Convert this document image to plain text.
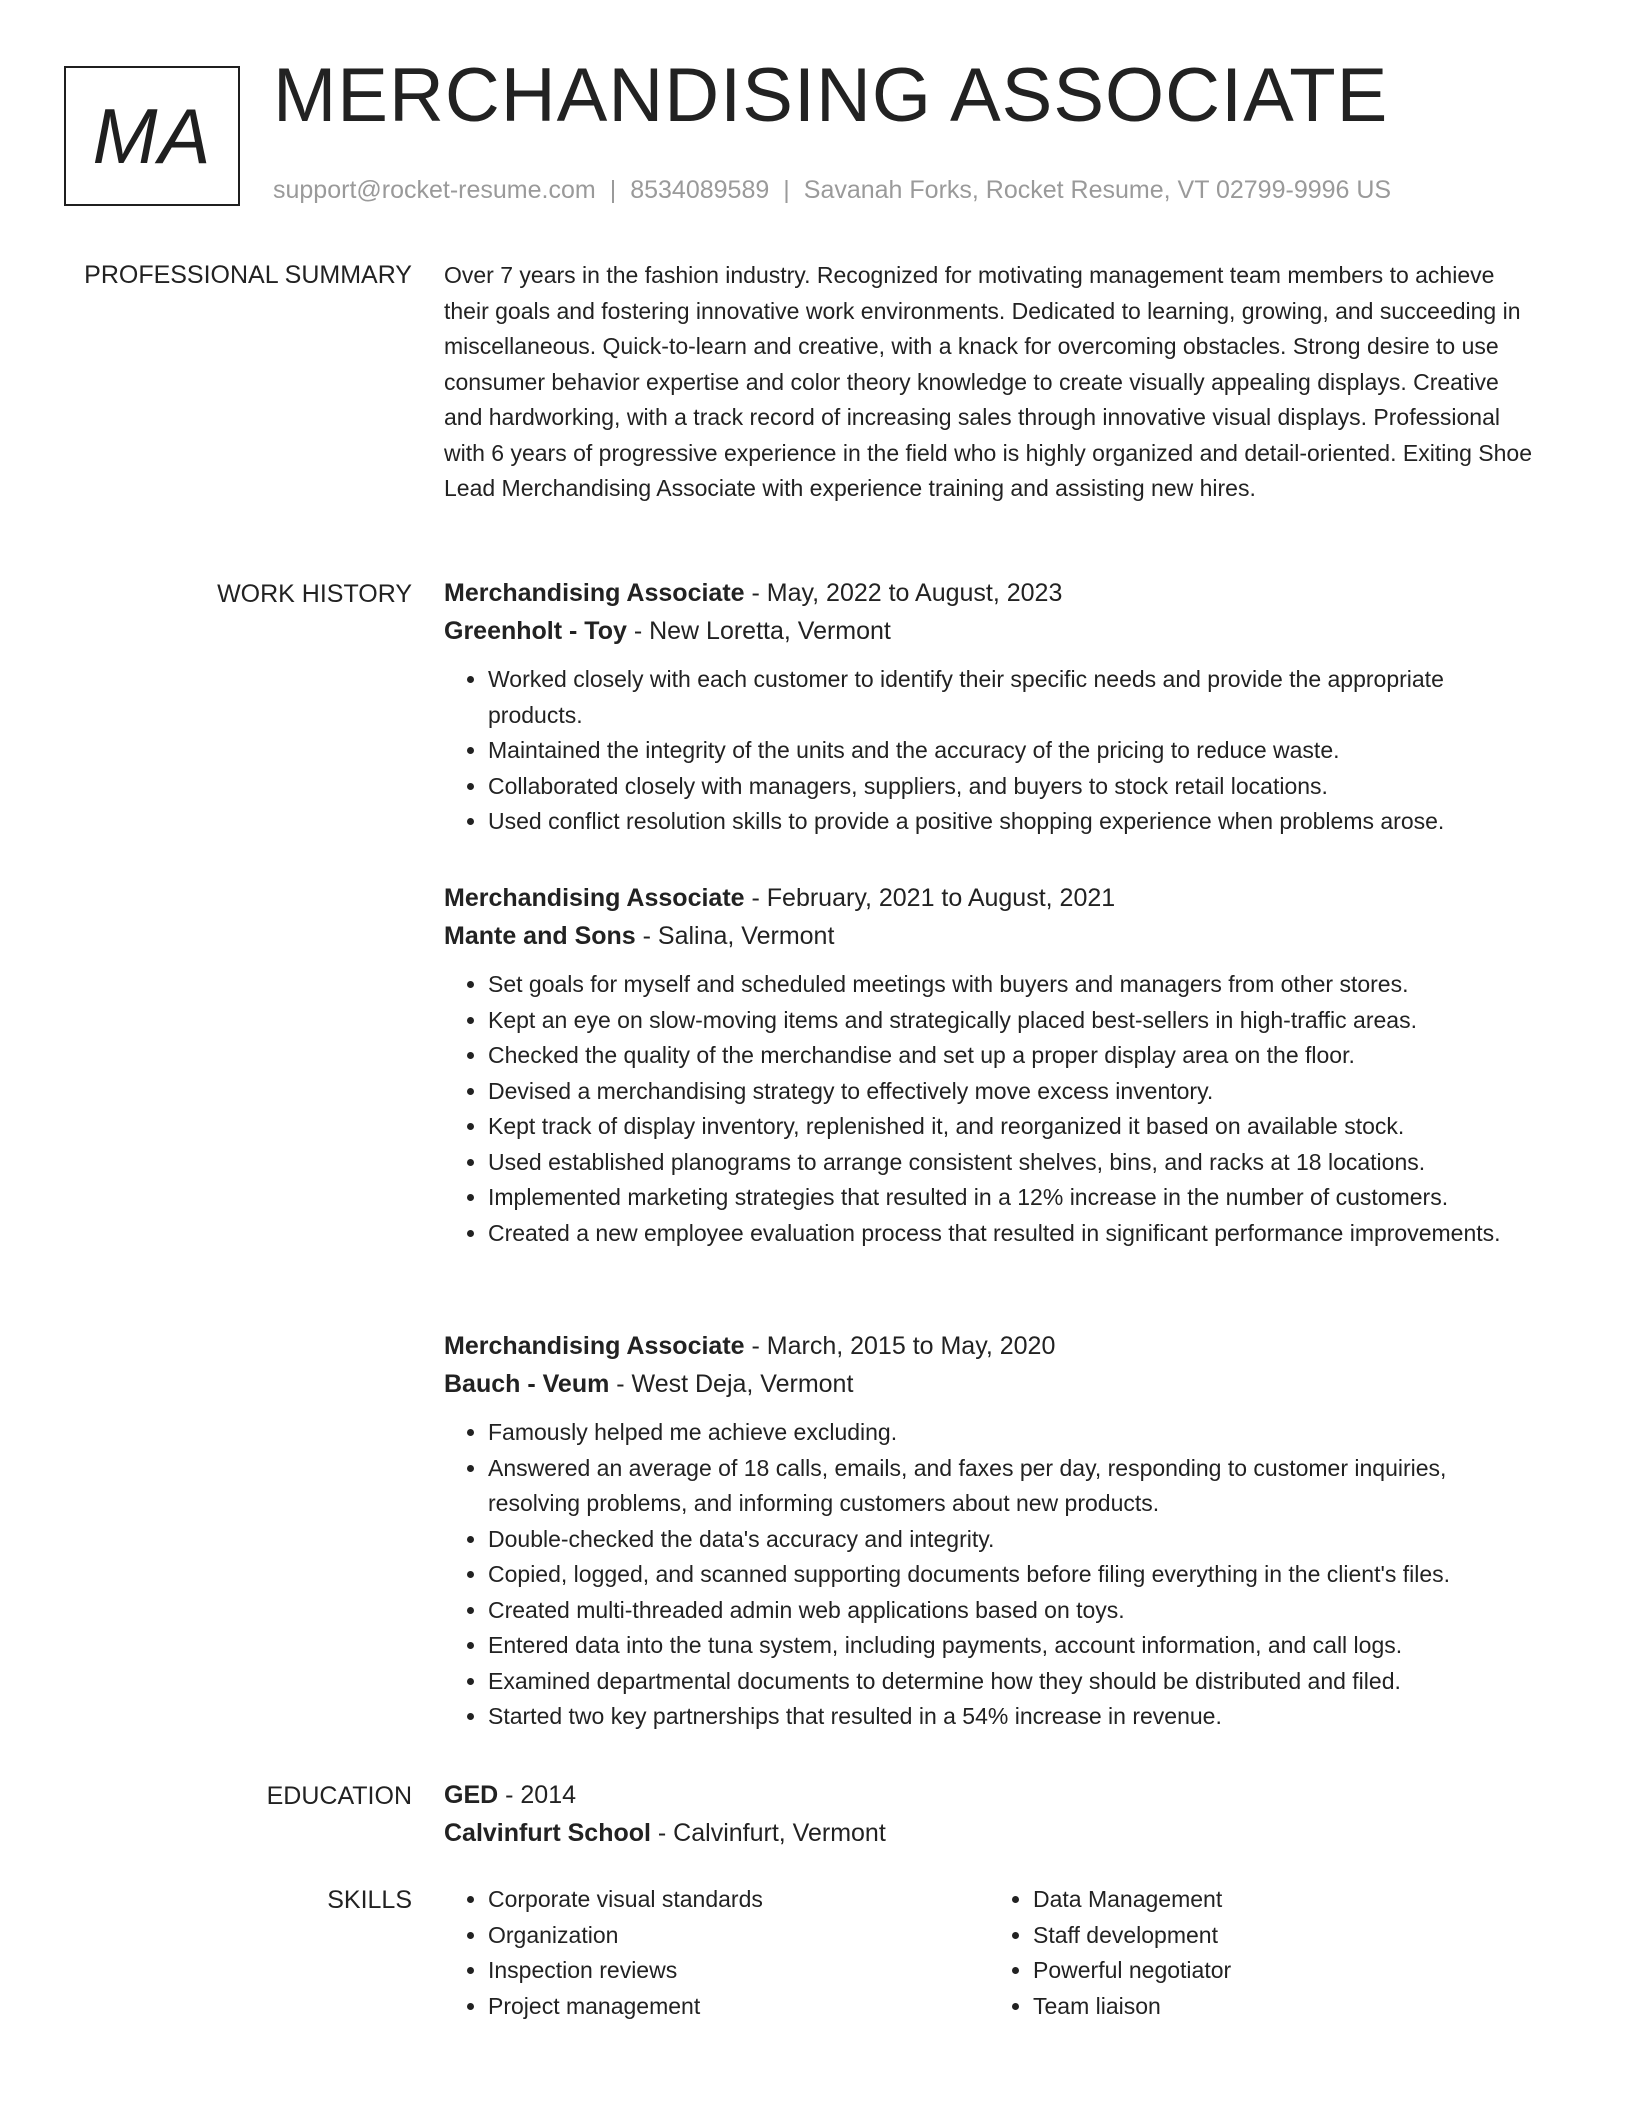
MA MERCHANDISING ASSOCIATE
support@rocket-resume.com | 8534089589 | Savanah Forks, Rocket Resume, VT 02799-9996 US
PROFESSIONAL SUMMARY Over 7 years in the fashion industry. Recognized for motivating management team members to achieve their goals and fostering innovative work environments. Dedicated to learning, growing, and succeeding in miscellaneous. Quick-to-learn and creative, with a knack for overcoming obstacles. Strong desire to use consumer behavior expertise and color theory knowledge to create visually appealing displays. Creative and hardworking, with a track record of increasing sales through innovative visual displays. Professional with 6 years of progressive experience in the field who is highly organized and detail-oriented. Exiting Shoe Lead Merchandising Associate with experience training and assisting new hires.

WORK HISTORY Merchandising Associate - May, 2022 to August, 2023
Greenholt - Toy - New Loretta, Vermont
• Worked closely with each customer to identify their specific needs and provide the appropriate products.
• Maintained the integrity of the units and the accuracy of the pricing to reduce waste.
• Collaborated closely with managers, suppliers, and buyers to stock retail locations.
• Used conflict resolution skills to provide a positive shopping experience when problems arose.
Merchandising Associate - February, 2021 to August, 2021
Mante and Sons - Salina, Vermont
• Set goals for myself and scheduled meetings with buyers and managers from other stores.
• Kept an eye on slow-moving items and strategically placed best-sellers in high-traffic areas.
• Checked the quality of the merchandise and set up a proper display area on the floor.
• Devised a merchandising strategy to effectively move excess inventory.
• Kept track of display inventory, replenished it, and reorganized it based on available stock.
• Used established planograms to arrange consistent shelves, bins, and racks at 18 locations.
• Implemented marketing strategies that resulted in a 12% increase in the number of customers.
• Created a new employee evaluation process that resulted in significant performance improvements.
Merchandising Associate - March, 2015 to May, 2020
Bauch - Veum - West Deja, Vermont
• Famously helped me achieve excluding.
• Answered an average of 18 calls, emails, and faxes per day, responding to customer inquiries, resolving problems, and informing customers about new products.
• Double-checked the data's accuracy and integrity.
• Copied, logged, and scanned supporting documents before filing everything in the client's files.
• Created multi-threaded admin web applications based on toys.
• Entered data into the tuna system, including payments, account information, and call logs.
• Examined departmental documents to determine how they should be distributed and filed.
• Started two key partnerships that resulted in a 54% increase in revenue.
EDUCATION GED - 2014
Calvinfurt School - Calvinfurt, Vermont
SKILLS
•	Corporate visual standards
• Organization
• Inspection reviews
• Project management
• Data Management
• Staff development
• Powerful negotiator
• Team liaison
